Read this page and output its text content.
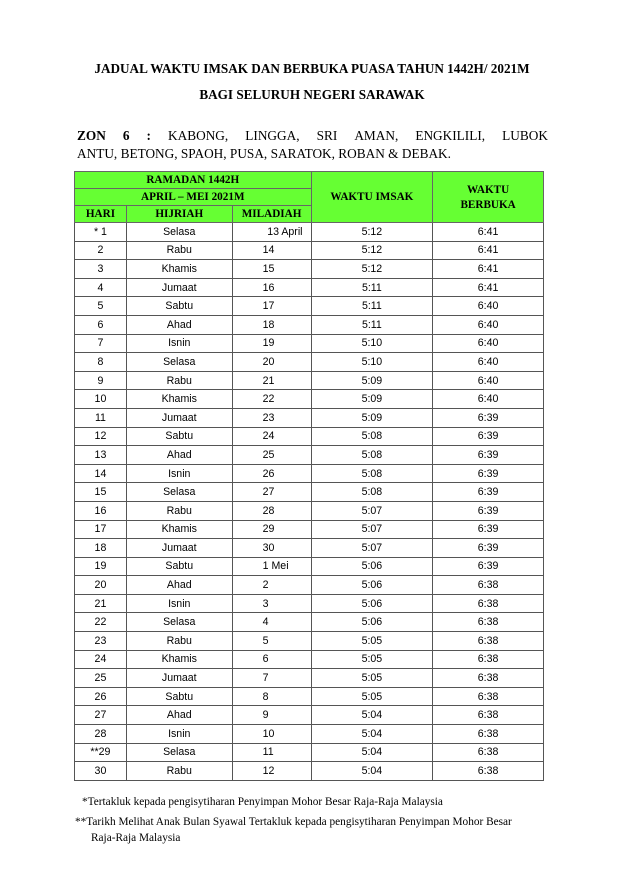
JADUAL WAKTU IMSAK DAN BERBUKA PUASA TAHUN 1442H/ 2021M
BAGI SELURUH NEGERI SARAWAK
ZON 6 : KABONG, LINGGA, SRI AMAN, ENGKILILI, LUBOK
ANTU, BETONG, SPAOH, PUSA, SARATOK, ROBAN & DEBAK.
RAMADAN 1442H			WAKTU IMSAK	WAKTU
BERBUKA

APRIL – MEI 2021M				
HARI	HIJRIAH	MILADIAH		
* 1	Selasa	13 April	5:12	6:41
2	Rabu	14	5:12	6:41
3	Khamis	15	5:12	6:41
4	Jumaat	16	5:11	6:41
5	Sabtu	17	5:11	6:40
6	Ahad	18	5:11	6:40
7	Isnin	19	5:10	6:40
8	Selasa	20	5:10	6:40
9	Rabu	21	5:09	6:40
10	Khamis	22	5:09	6:40
11	Jumaat	23	5:09	6:39
12	Sabtu	24	5:08	6:39
13	Ahad	25	5:08	6:39
14	Isnin	26	5:08	6:39
15	Selasa	27	5:08	6:39
16	Rabu	28	5:07	6:39
17	Khamis	29	5:07	6:39
18	Jumaat	30	5:07	6:39
19	Sabtu	1 Mei	5:06	6:39
20	Ahad	2	5:06	6:38
21	Isnin	3	5:06	6:38
22	Selasa	4	5:06	6:38
23	Rabu	5	5:05	6:38
24	Khamis	6	5:05	6:38
25	Jumaat	7	5:05	6:38
26	Sabtu	8	5:05	6:38
27	Ahad	9	5:04	6:38
28	Isnin	10	5:04	6:38
**29	Selasa	11	5:04	6:38
30	Rabu	12	5:04	6:38
*Tertakluk kepada pengisytiharan Penyimpan Mohor Besar Raja-Raja Malaysia
**Tarikh Melihat Anak Bulan Syawal Tertakluk kepada pengisytiharan Penyimpan Mohor Besar
Raja-Raja Malaysia
